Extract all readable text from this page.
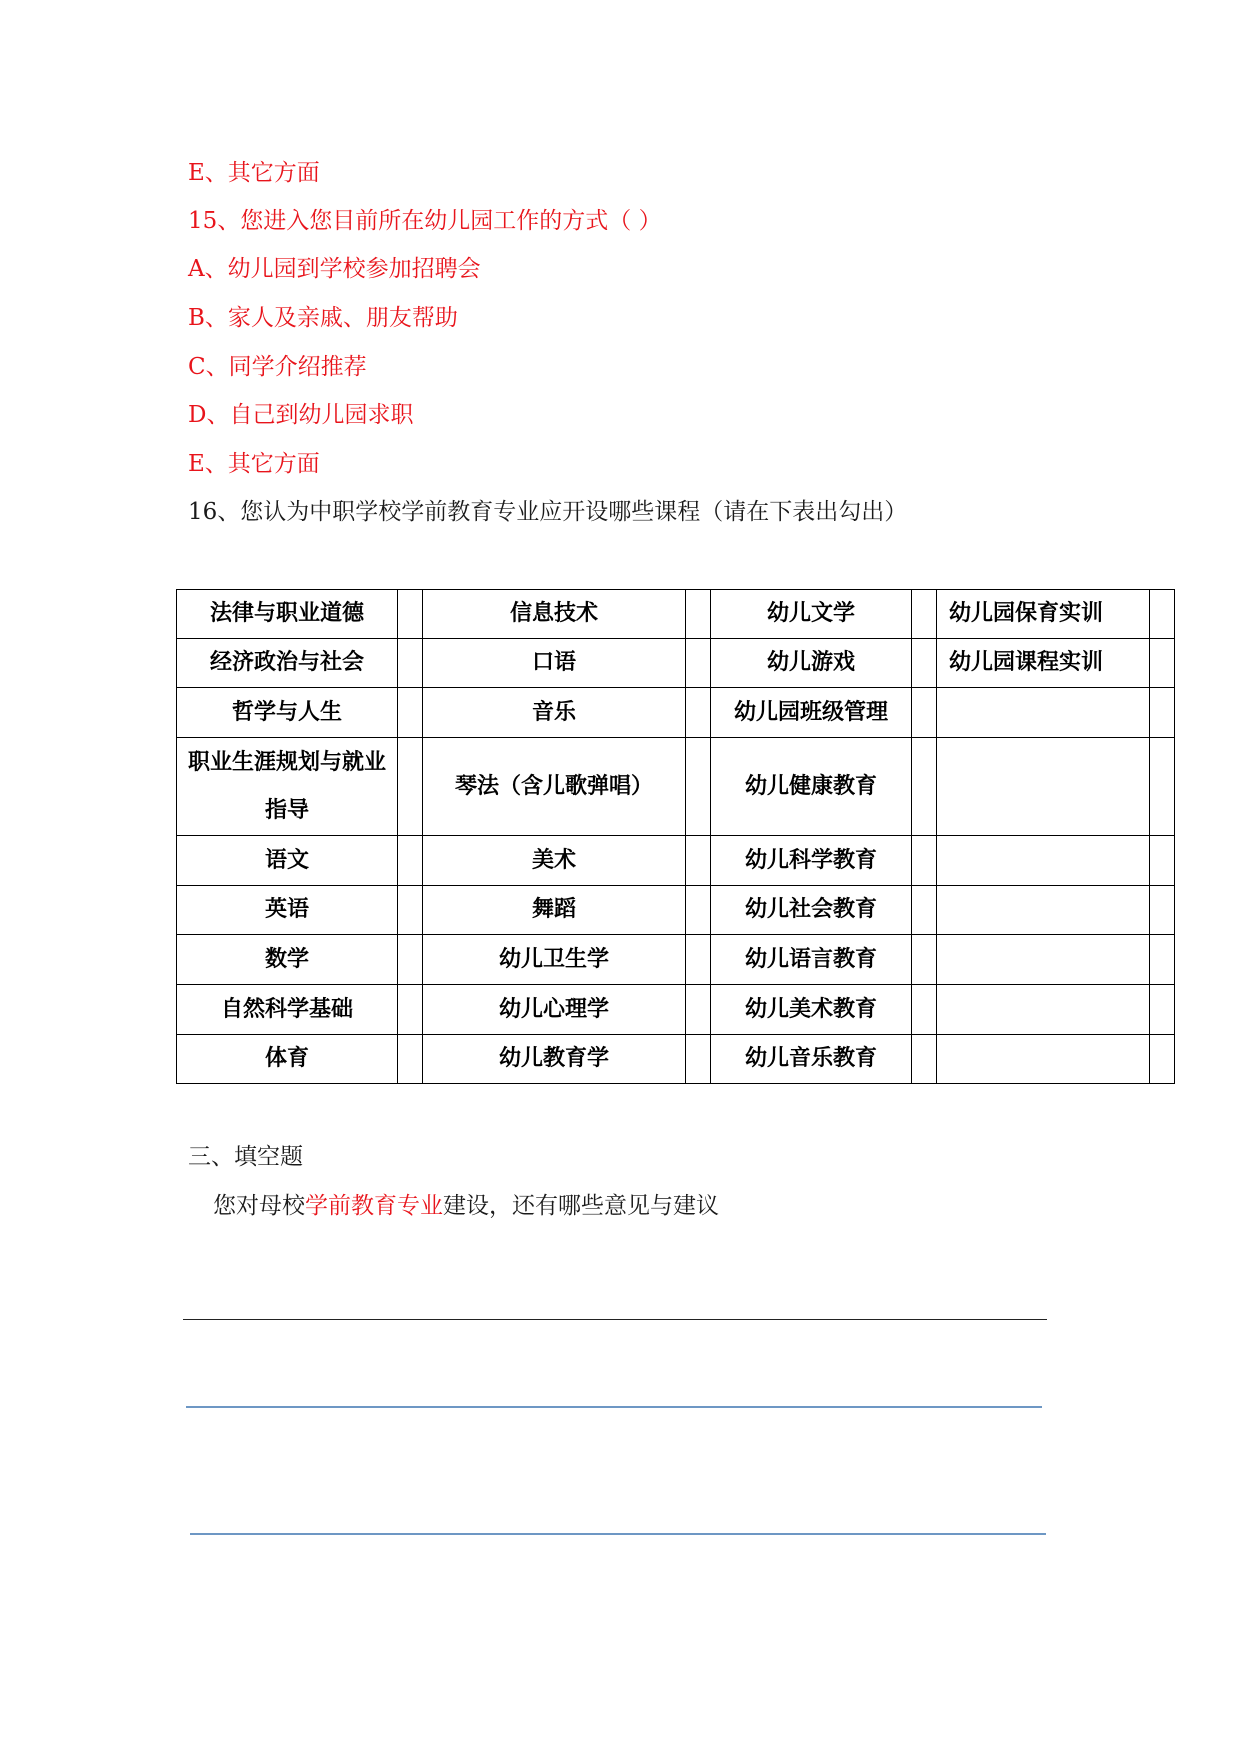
E、其它方面
15、您进入您目前所在幼儿园工作的方式（ ）
A、幼儿园到学校参加招聘会
B、家人及亲戚、朋友帮助
C、同学介绍推荐
D、自己到幼儿园求职
E、其它方面
16、您认为中职学校学前教育专业应开设哪些课程（请在下表出勾出）
法律与职业道德		信息技术		幼儿文学		幼儿园保育实训	
经济政治与社会		口语		幼儿游戏		幼儿园课程实训	
哲学与人生		音乐		幼儿园班级管理			
职业生涯规划与就业指导		琴法（含儿歌弹唱）		幼儿健康教育			
语文		美术		幼儿科学教育			
英语		舞蹈		幼儿社会教育			
数学		幼儿卫生学		幼儿语言教育			
自然科学基础		幼儿心理学		幼儿美术教育			
体育		幼儿教育学		幼儿音乐教育			
三、填空题
您对母校学前教育专业建设，还有哪些意见与建议
